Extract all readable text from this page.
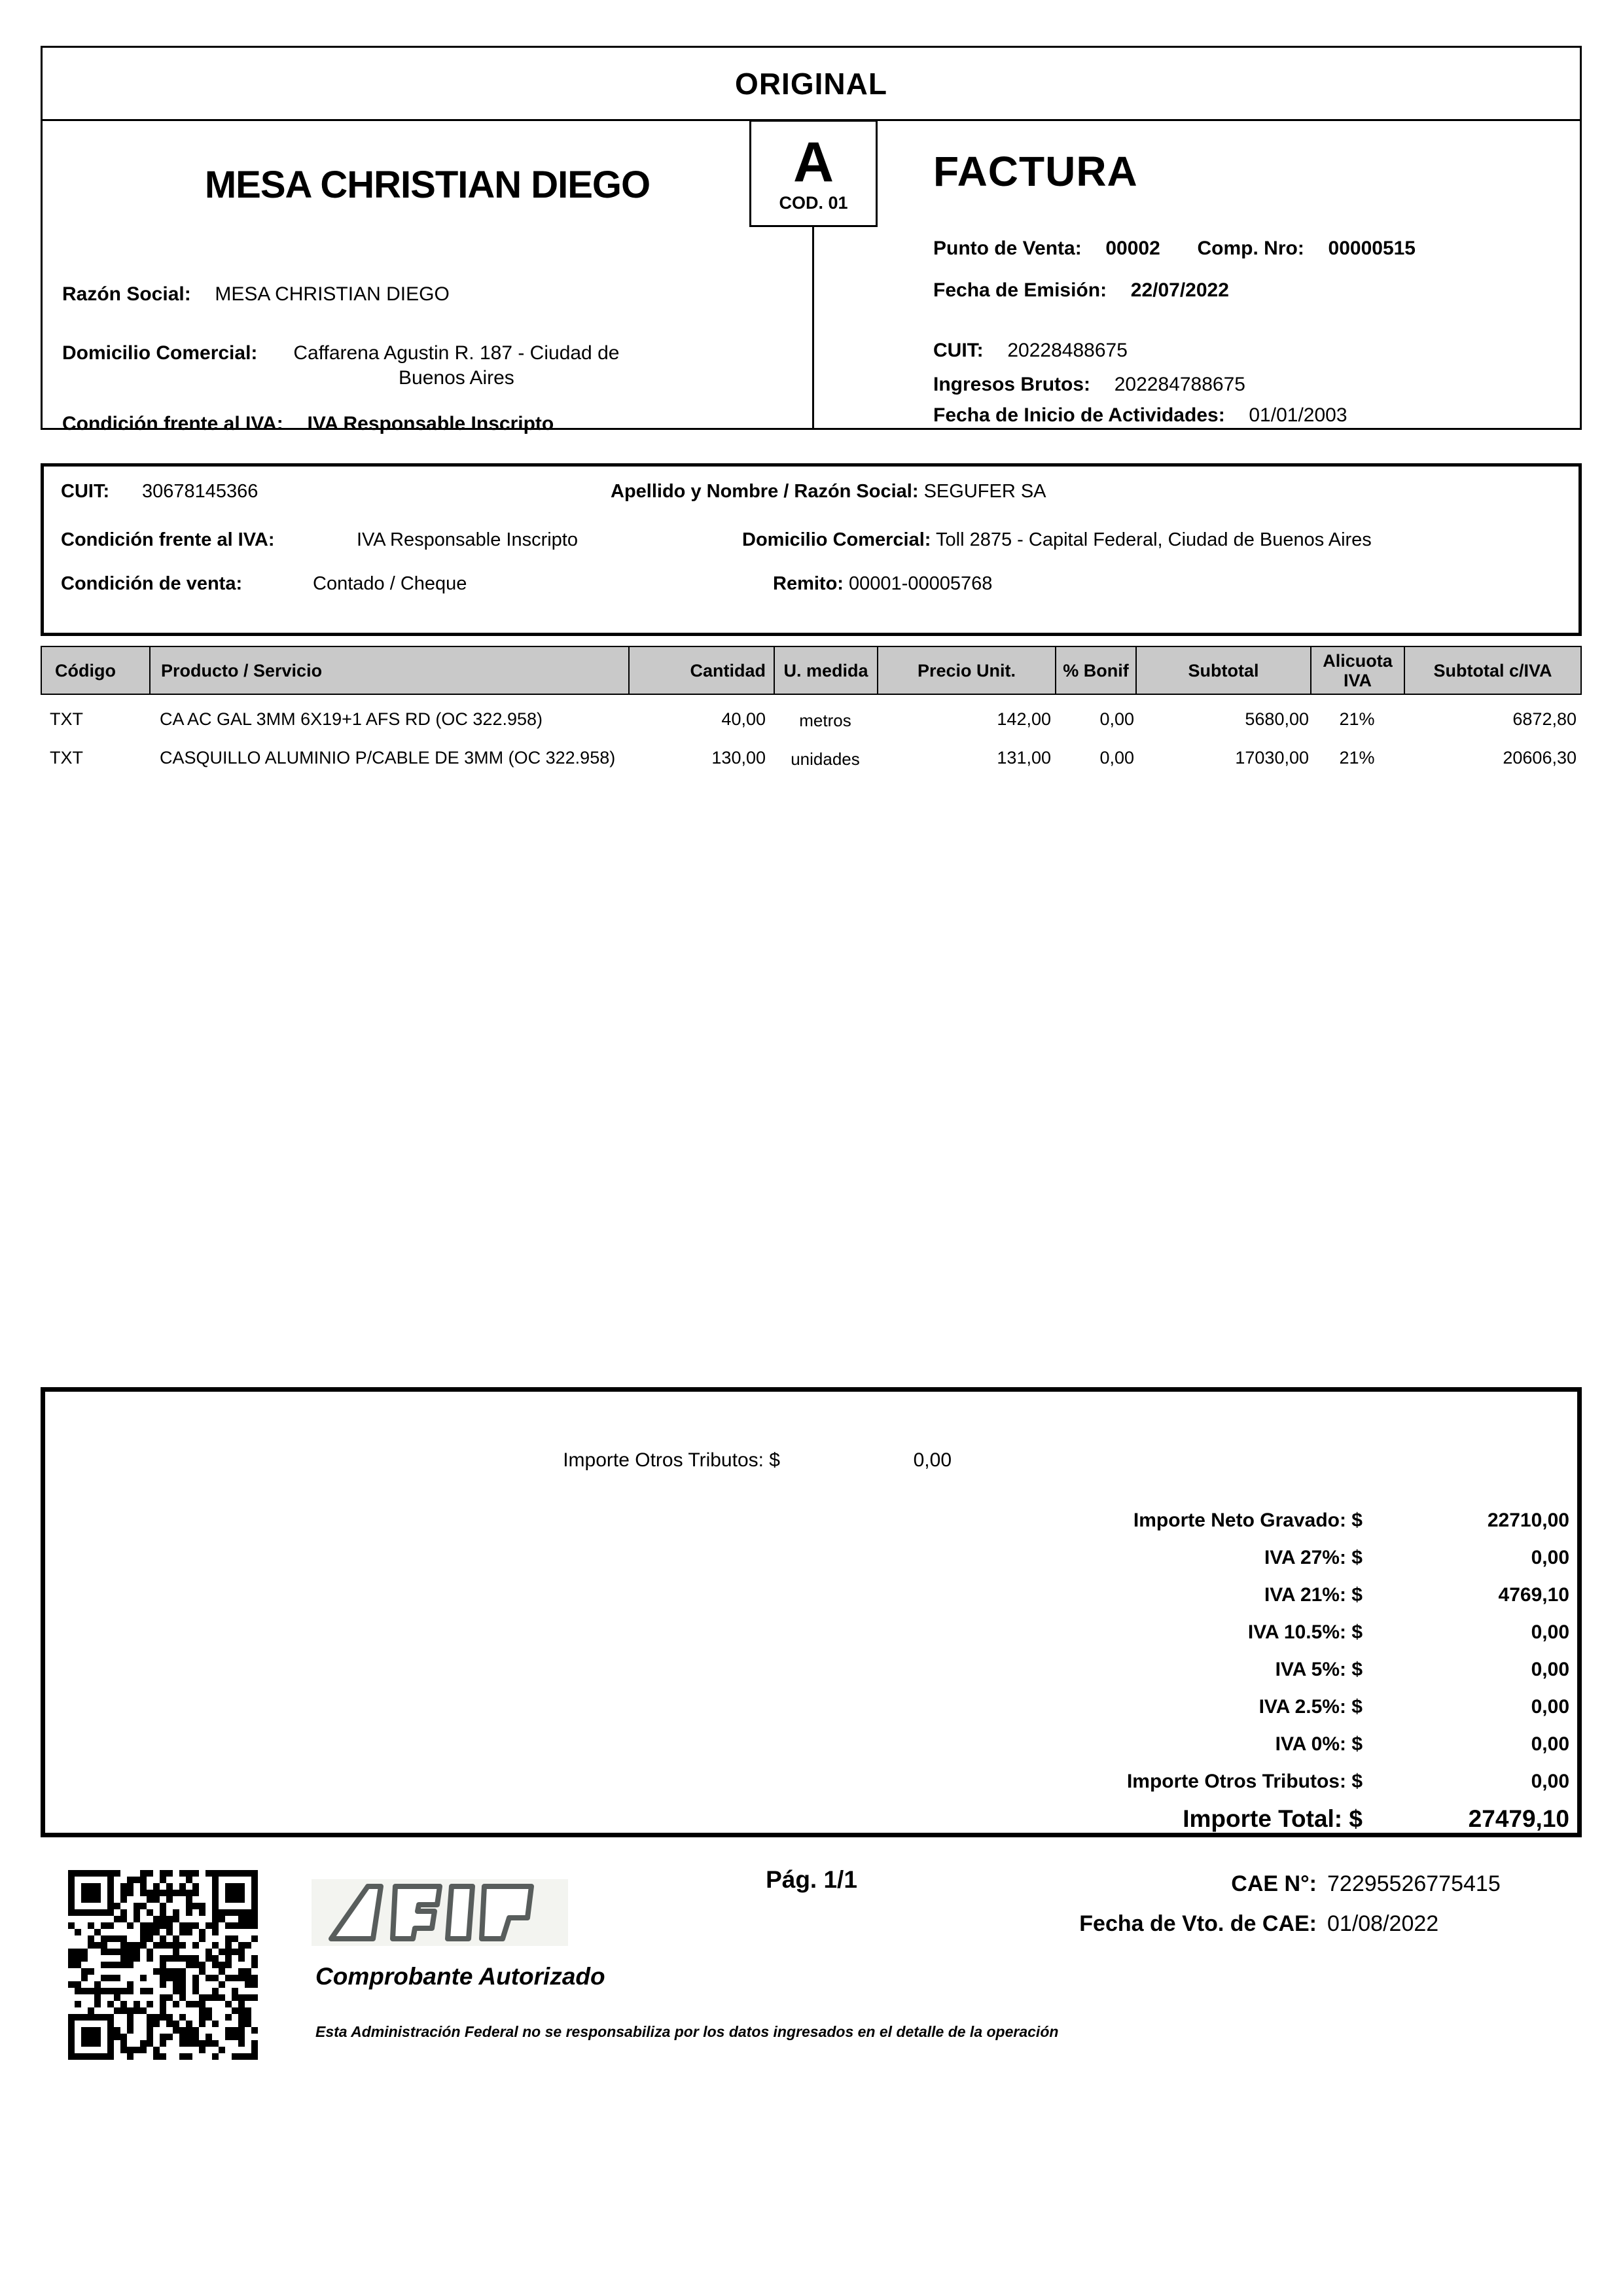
ORIGINAL
MESA CHRISTIAN DIEGO
Razón Social: MESA CHRISTIAN DIEGO
Domicilio Comercial:	Caffarena Agustin R. 187 - Ciudad de Buenos Aires
Condición frente al IVA: IVA Responsable Inscripto
A
COD. 01
FACTURA
Punto de Venta: 00002 Comp. Nro: 00000515
Fecha de Emisión: 22/07/2022
CUIT: 20228488675
Ingresos Brutos: 202284788675
Fecha de Inicio de Actividades: 01/01/2003
CUIT: 30678145366	Apellido y Nombre / Razón Social: SEGUFER SA
Condición frente al IVA:	IVA Responsable Inscripto	Domicilio Comercial: Toll 2875 - Capital Federal, Ciudad de Buenos Aires
Condición de venta:	Contado / Cheque	Remito: 00001-00005768
Código	Producto / Servicio	Cantidad	U. medida	Precio Unit.	% Bonif	Subtotal	Alicuota IVA	Subtotal c/IVA
TXT	CA AC GAL 3MM 6X19+1 AFS RD (OC 322.958)	40,00	metros	142,00	0,00	5680,00	21%	6872,80
TXT	CASQUILLO ALUMINIO P/CABLE DE 3MM (OC 322.958)	130,00	unidades	131,00	0,00	17030,00	21%	20606,30
Importe Otros Tributos: $	0,00
Importe Neto Gravado: $	22710,00
IVA 27%: $	0,00
IVA 21%: $	4769,10
IVA 10.5%: $	0,00
IVA 5%: $	0,00
IVA 2.5%: $	0,00
IVA 0%: $	0,00
Importe Otros Tributos: $	0,00
Importe Total: $	27479,10
Pág. 1/1
Comprobante Autorizado
Esta Administración Federal no se responsabiliza por los datos ingresados en el detalle de la operación
CAE N°: 72295526775415
Fecha de Vto. de CAE: 01/08/2022
